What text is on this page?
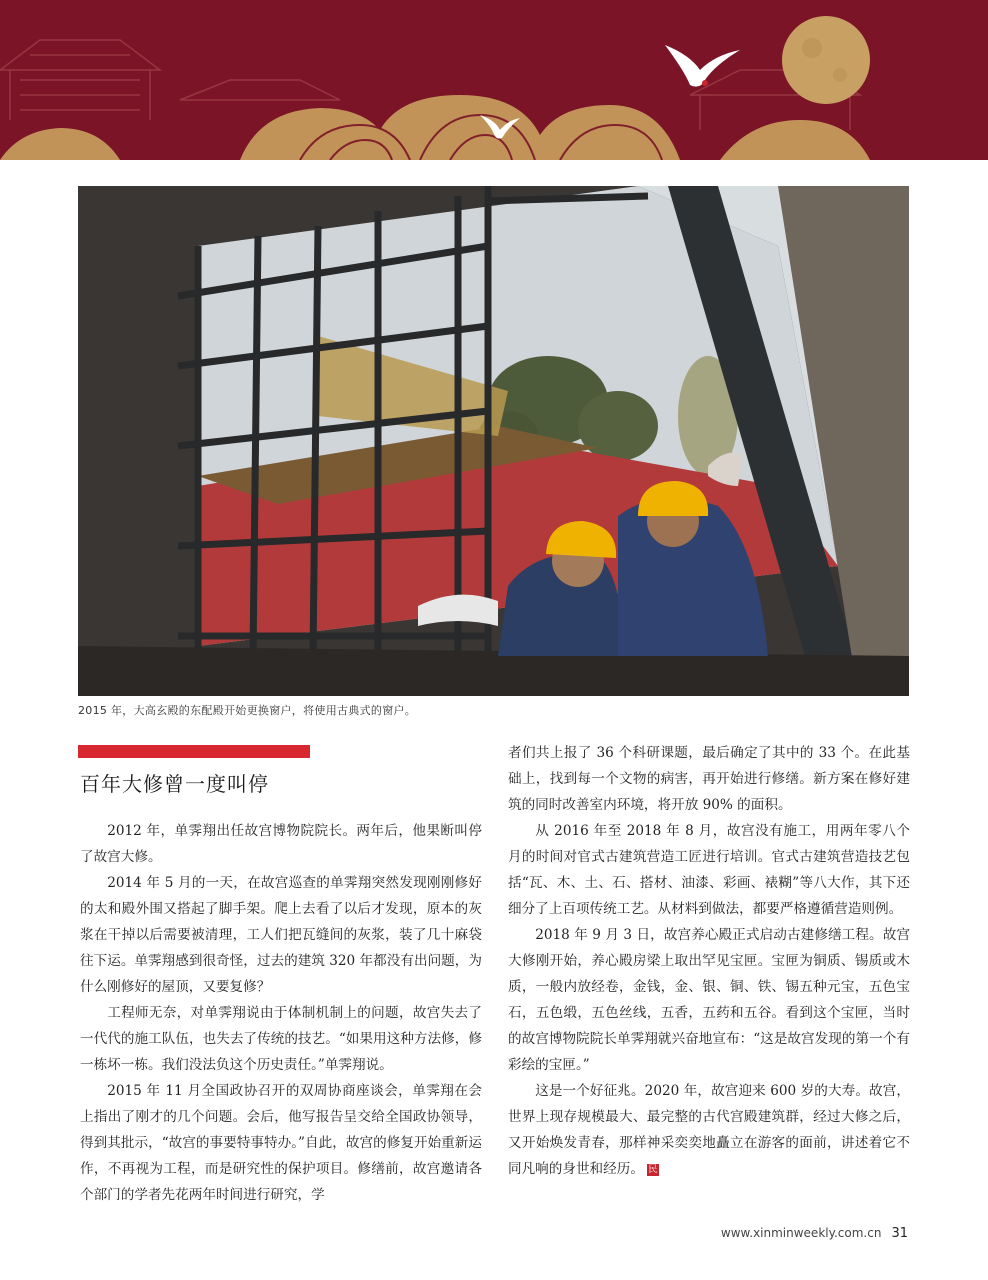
2015 年，大高玄殿的东配殿开始更换窗户，将使用古典式的窗户。
百年大修曾一度叫停

2012 年，单霁翔出任故宫博物院院长。两年后，他果断叫停了故宫大修。

2014 年 5 月的一天，在故宫巡查的单霁翔突然发现刚刚修好的太和殿外围又搭起了脚手架。爬上去看了以后才发现，原本的灰浆在干掉以后需要被清理，工人们把瓦缝间的灰浆，装了几十麻袋往下运。单霁翔感到很奇怪，过去的建筑 320 年都没有出问题，为什么刚修好的屋顶，又要复修？

工程师无奈，对单霁翔说由于体制机制上的问题，故宫失去了一代代的施工队伍，也失去了传统的技艺。“如果用这种方法修，修一栋坏一栋。我们没法负这个历史责任。”单霁翔说。

2015 年 11 月全国政协召开的双周协商座谈会，单霁翔在会上指出了刚才的几个问题。会后，他写报告呈交给全国政协领导，得到其批示，“故宫的事要特事特办。”自此，故宫的修复开始重新运作，不再视为工程，而是研究性的保护项目。修缮前，故宫邀请各个部门的学者先花两年时间进行研究，学

者们共上报了 36 个科研课题，最后确定了其中的 33 个。在此基础上，找到每一个文物的病害，再开始进行修缮。新方案在修好建筑的同时改善室内环境，将开放 90% 的面积。

从 2016 年至 2018 年 8 月，故宫没有施工，用两年零八个月的时间对官式古建筑营造工匠进行培训。官式古建筑营造技艺包括“瓦、木、土、石、搭材、油漆、彩画、裱糊”等八大作，其下还细分了上百项传统工艺。从材料到做法，都要严格遵循营造则例。

2018 年 9 月 3 日，故宫养心殿正式启动古建修缮工程。故宫大修刚开始，养心殿房梁上取出罕见宝匣。宝匣为铜质、锡质或木质，一般内放经卷，金钱，金、银、铜、铁、锡五种元宝，五色宝石，五色缎，五色丝线，五香，五药和五谷。看到这个宝匣，当时的故宫博物院院长单霁翔就兴奋地宣布：“这是故宫发现的第一个有彩绘的宝匣。”

这是一个好征兆。2020 年，故宫迎来 600 岁的大寿。故宫，世界上现存规模最大、最完整的古代宫殿建筑群，经过大修之后，又开始焕发青春，那样神采奕奕地矗立在游客的面前，讲述着它不同凡响的身世和经历。 民

www.xinminweekly.com.cn 31
